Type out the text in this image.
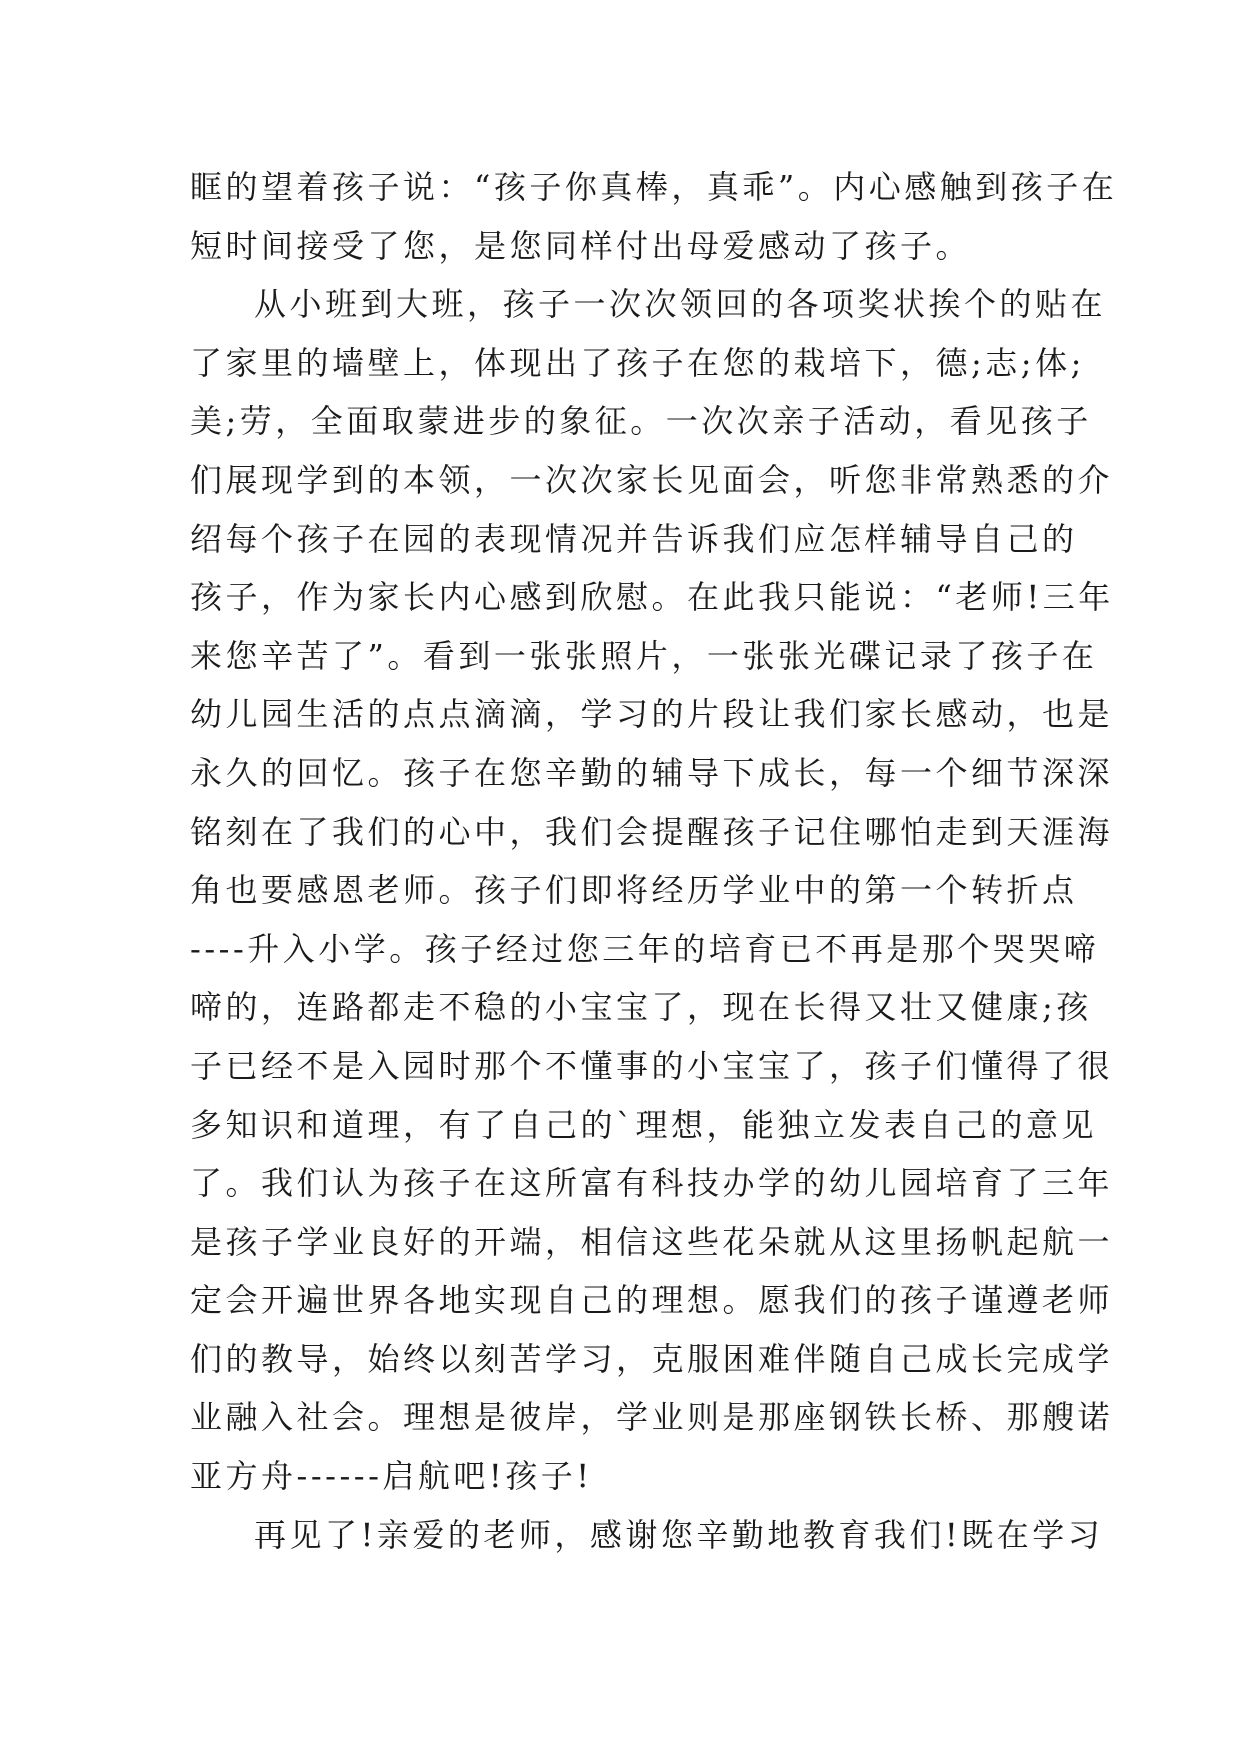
眶的望着孩子说：“孩子你真棒，真乖”。内心感触到孩子在
短时间接受了您，是您同样付出母爱感动了孩子。
从小班到大班，孩子一次次领回的各项奖状挨个的贴在
了家里的墙壁上，体现出了孩子在您的栽培下，德;志;体;
美;劳，全面取蒙进步的象征。一次次亲子活动，看见孩子
们展现学到的本领，一次次家长见面会，听您非常熟悉的介
绍每个孩子在园的表现情况并告诉我们应怎样辅导自己的
孩子，作为家长内心感到欣慰。在此我只能说：“老师!三年
来您辛苦了”。看到一张张照片，一张张光碟记录了孩子在
幼儿园生活的点点滴滴，学习的片段让我们家长感动，也是
永久的回忆。孩子在您辛勤的辅导下成长，每一个细节深深
铭刻在了我们的心中，我们会提醒孩子记住哪怕走到天涯海
角也要感恩老师。孩子们即将经历学业中的第一个转折点
----升入小学。孩子经过您三年的培育已不再是那个哭哭啼
啼的，连路都走不稳的小宝宝了，现在长得又壮又健康;孩
子已经不是入园时那个不懂事的小宝宝了，孩子们懂得了很
多知识和道理，有了自己的`理想，能独立发表自己的意见
了。我们认为孩子在这所富有科技办学的幼儿园培育了三年
是孩子学业良好的开端，相信这些花朵就从这里扬帆起航一
定会开遍世界各地实现自己的理想。愿我们的孩子谨遵老师
们的教导，始终以刻苦学习，克服困难伴随自己成长完成学
业融入社会。理想是彼岸，学业则是那座钢铁长桥、那艘诺
亚方舟------启航吧!孩子!
再见了!亲爱的老师，感谢您辛勤地教育我们!既在学习
